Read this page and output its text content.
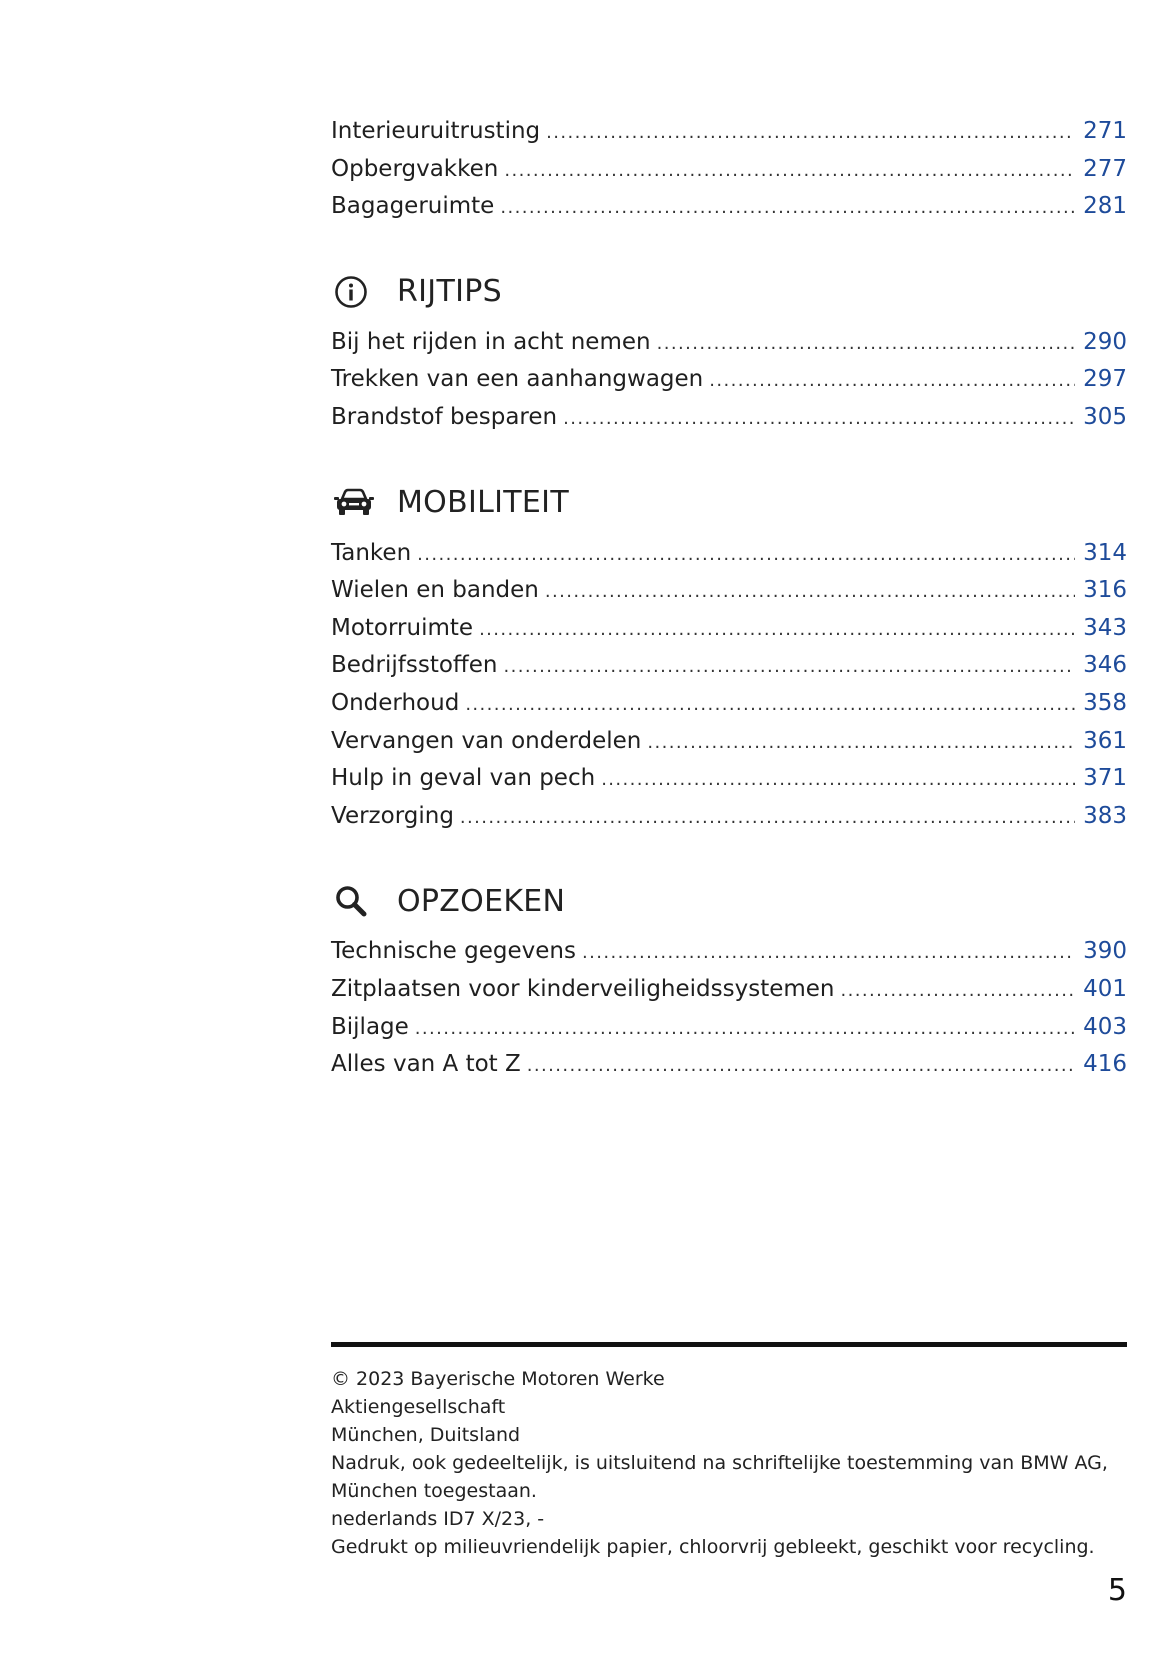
Interieuruitrusting .....	271
Opbergvakken .....	277
Bagageruimte .....	281
RIJTIPS
Bij het rijden in acht nemen .....	290
Trekken van een aanhangwagen .....	297
Brandstof besparen .....	305
MOBILITEIT
Tanken .....	314
Wielen en banden .....	316
Motorruimte .....	343
Bedrijfsstoffen .....	346
Onderhoud .....	358
Vervangen van onderdelen .....	361
Hulp in geval van pech .....	371
Verzorging .....	383
OPZOEKEN
Technische gegevens .....	390
Zitplaatsen voor kinderveiligheidssystemen .....	401
Bijlage .....	403
Alles van A tot Z .....	416
© 2023 Bayerische Motoren Werke
Aktiengesellschaft
München, Duitsland
Nadruk, ook gedeeltelijk, is uitsluitend na schriftelijke toestemming van BMW AG,
München toegestaan.
nederlands ID7 X/23, -
Gedrukt op milieuvriendelijk papier, chloorvrij gebleekt, geschikt voor recycling.
5
